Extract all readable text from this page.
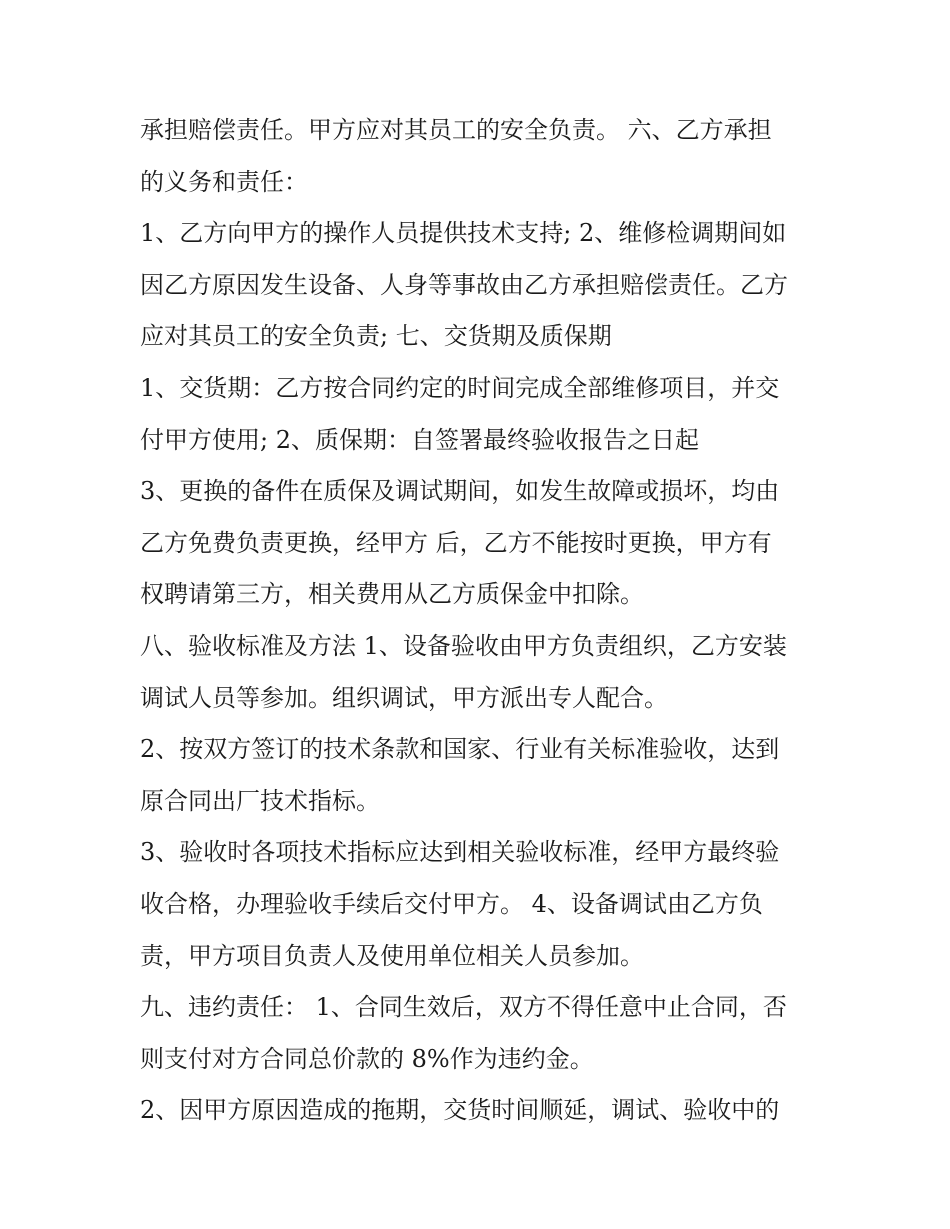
承担赔偿责任。甲方应对其员工的安全负责。 六、乙方承担
的义务和责任：
1、乙方向甲方的操作人员提供技术支持; 2、维修检调期间如
因乙方原因发生设备、人身等事故由乙方承担赔偿责任。乙方
应对其员工的安全负责; 七、交货期及质保期
1、交货期：乙方按合同约定的时间完成全部维修项目，并交
付甲方使用; 2、质保期：自签署最终验收报告之日起
3、更换的备件在质保及调试期间，如发生故障或损坏，均由
乙方免费负责更换，经甲方 后，乙方不能按时更换，甲方有
权聘请第三方，相关费用从乙方质保金中扣除。
八、验收标准及方法 1、设备验收由甲方负责组织，乙方安装
调试人员等参加。组织调试，甲方派出专人配合。
2、按双方签订的技术条款和国家、行业有关标准验收，达到
原合同出厂技术指标。
3、验收时各项技术指标应达到相关验收标准，经甲方最终验
收合格，办理验收手续后交付甲方。 4、设备调试由乙方负
责，甲方项目负责人及使用单位相关人员参加。
九、违约责任： 1、合同生效后，双方不得任意中止合同，否
则支付对方合同总价款的 8%作为违约金。
2、因甲方原因造成的拖期，交货时间顺延，调试、验收中的
